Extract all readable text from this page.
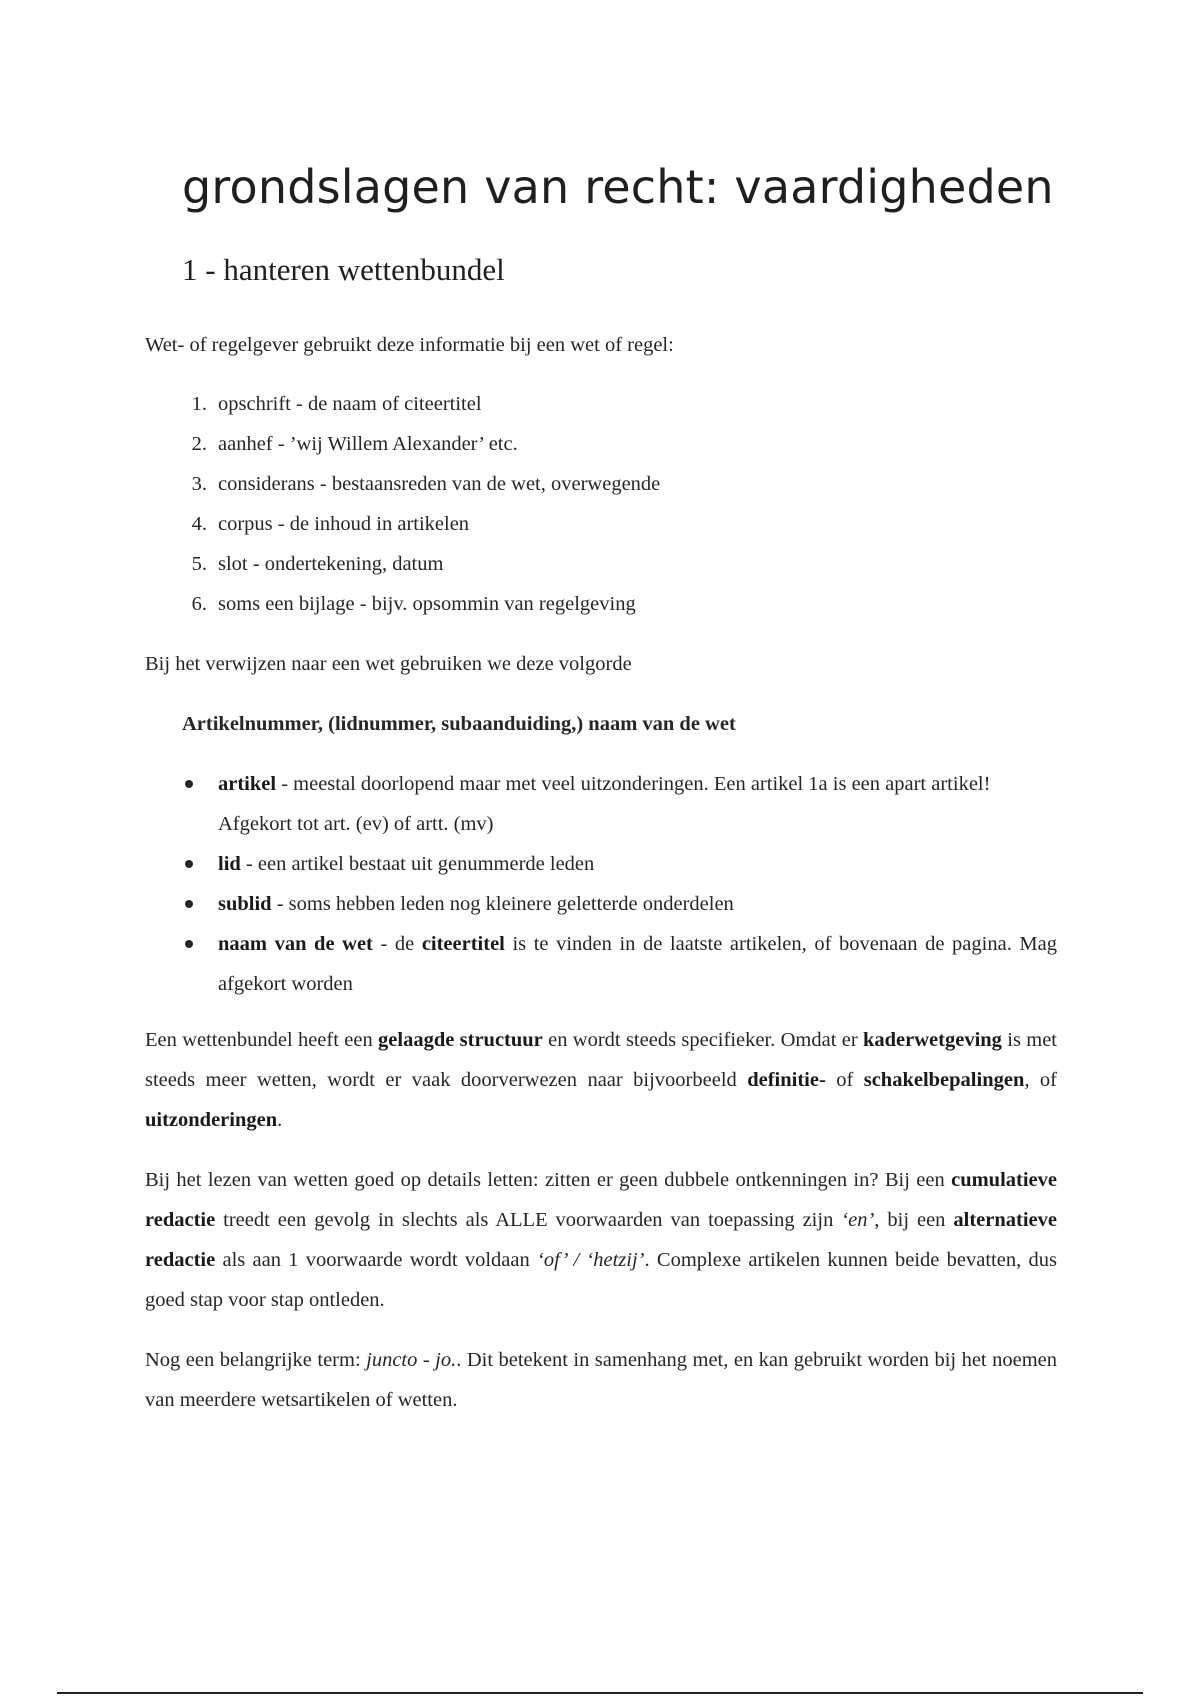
grondslagen van recht: vaardigheden
1 - hanteren wettenbundel

Wet- of regelgever gebruikt deze informatie bij een wet of regel:

1. opschrift - de naam of citeertitel
2. aanhef - ’wij Willem Alexander’ etc.
3. considerans - bestaansreden van de wet, overwegende
4. corpus - de inhoud in artikelen
5. slot - ondertekening, datum
6. soms een bijlage - bijv. opsommin van regelgeving

Bij het verwijzen naar een wet gebruiken we deze volgorde

Artikelnummer, (lidnummer, subaanduiding,) naam van de wet

artikel - meestal doorlopend maar met veel uitzonderingen. Een artikel 1a is een apart artikel! Afgekort tot art. (ev) of artt. (mv)
lid - een artikel bestaat uit genummerde leden
sublid - soms hebben leden nog kleinere geletterde onderdelen
naam van de wet - de citeertitel is te vinden in de laatste artikelen, of bovenaan de pagina. Mag afgekort worden

Een wettenbundel heeft een gelaagde structuur en wordt steeds specifieker. Omdat er kaderwetgeving is met steeds meer wetten, wordt er vaak doorverwezen naar bijvoorbeeld definitie- of schakelbepalingen, of uitzonderingen.

Bij het lezen van wetten goed op details letten: zitten er geen dubbele ontkenningen in? Bij een cumulatieve redactie treedt een gevolg in slechts als ALLE voorwaarden van toepassing zijn ‘en’, bij een alternatieve redactie als aan 1 voorwaarde wordt voldaan ‘of’ / ‘hetzij’. Complexe artikelen kunnen beide bevatten, dus goed stap voor stap ontleden.

Nog een belangrijke term: juncto - jo.. Dit betekent in samenhang met, en kan gebruikt worden bij het noemen van meerdere wetsartikelen of wetten.
